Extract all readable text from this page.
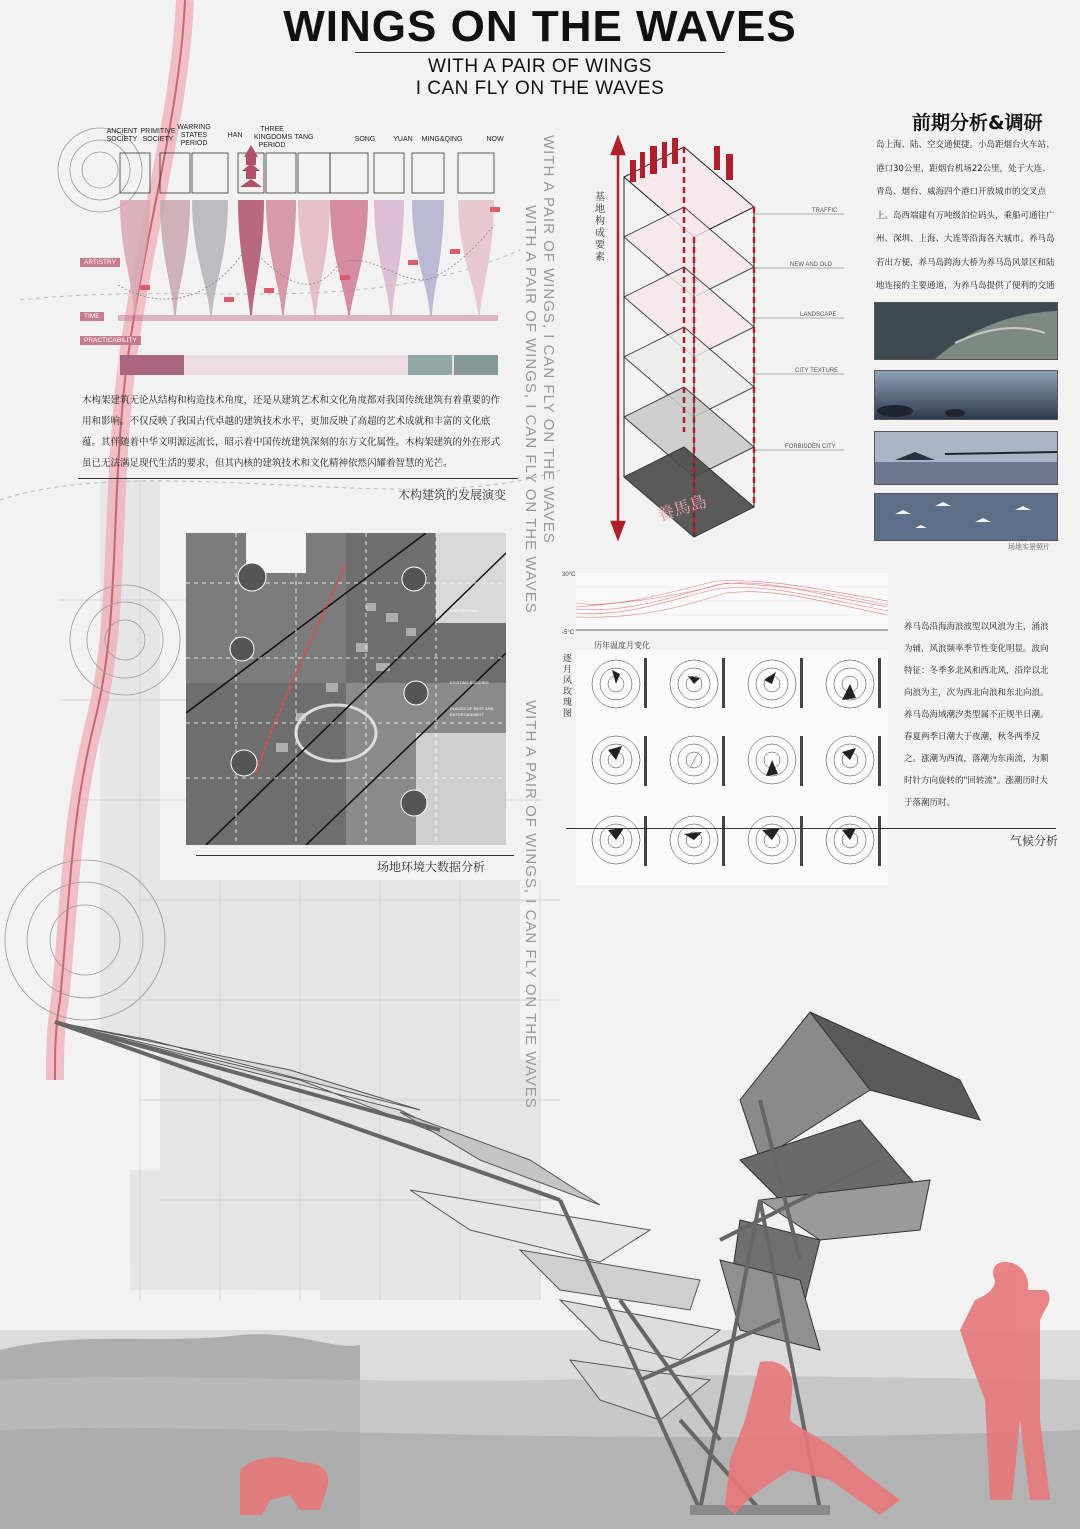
WINGS ON THE WAVES
WITH A PAIR OF WINGS
I CAN FLY ON THE WAVES
WITH A PAIR OF WINGS, I CAN FLY ON THE WAVES
WITH A PAIR OF WINGS, I CAN FLY ON THE WAVES
WITH A PAIR OF WINGS, I CAN FLY ON THE WAVES
ANCIENT SOCIETY
PRIMITIVE SOCIETY
WARRING STATES PERIOD
HAN
THREE KINGDOMS PERIOD
TANG	SONG	YUAN	MING&QING	NOW
ARTISTRY
TIME
PRACTICABILITY
木构架建筑无论从结构和构造技术角度，还是从建筑艺术和文化角度都对我国传统建筑有着重要的作用和影响。不仅反映了我国古代卓越的建筑技术水平，更加反映了高超的艺术成就和丰富的文化底蕴。其伴随着中华文明源远流长，昭示着中国传统建筑深刻的东方文化属性。木构架建筑的外在形式虽已无法满足现代生活的要求，但其内核的建筑技术和文化精神依然闪耀着智慧的光芒。
木构建筑的发展演变
VISITOR ROAD
EXISTING BUILDING
PLACES OF REST AND ENTERTAINMENT
场地环境大数据分析
基地构成要素
TRAFFIC
NEW AND OLD
LANDSCAPE
CITY TEXTURE
FORBIDDEN CITY
養馬島
前期分析&调研
岛上海、陆、空交通便捷。小岛距烟台火车站、港口30公里，距烟台机场22公里，处于大连、青岛、烟台、威海四个港口开放城市的交叉点上。岛西端建有万吨级泊位码头，乘船可通往广州、深圳、上海、大连等沿海各大城市。养马岛若出方便，养马岛跨海大桥为养马岛风景区和陆地连接的主要通道，为养马岛提供了便利的交通
场地实景照片
30°C
-5°C
历年温度月变化
逐月风玫瑰图
养马岛沿海海浪波型以风浪为主，涌浪为辅，风浪频率季节性变化明显。波向特征：冬季多北风和西北风，沿岸以北向浪为主，次为西北向浪和东北向浪。养马岛海域潮汐类型属不正规半日潮。春夏两季日潮大于夜潮，秋冬两季反之。涨潮为西流，落潮为东南流，为顺时针方向旋转的"回转流"。涨潮历时大于落潮历时。
气候分析
